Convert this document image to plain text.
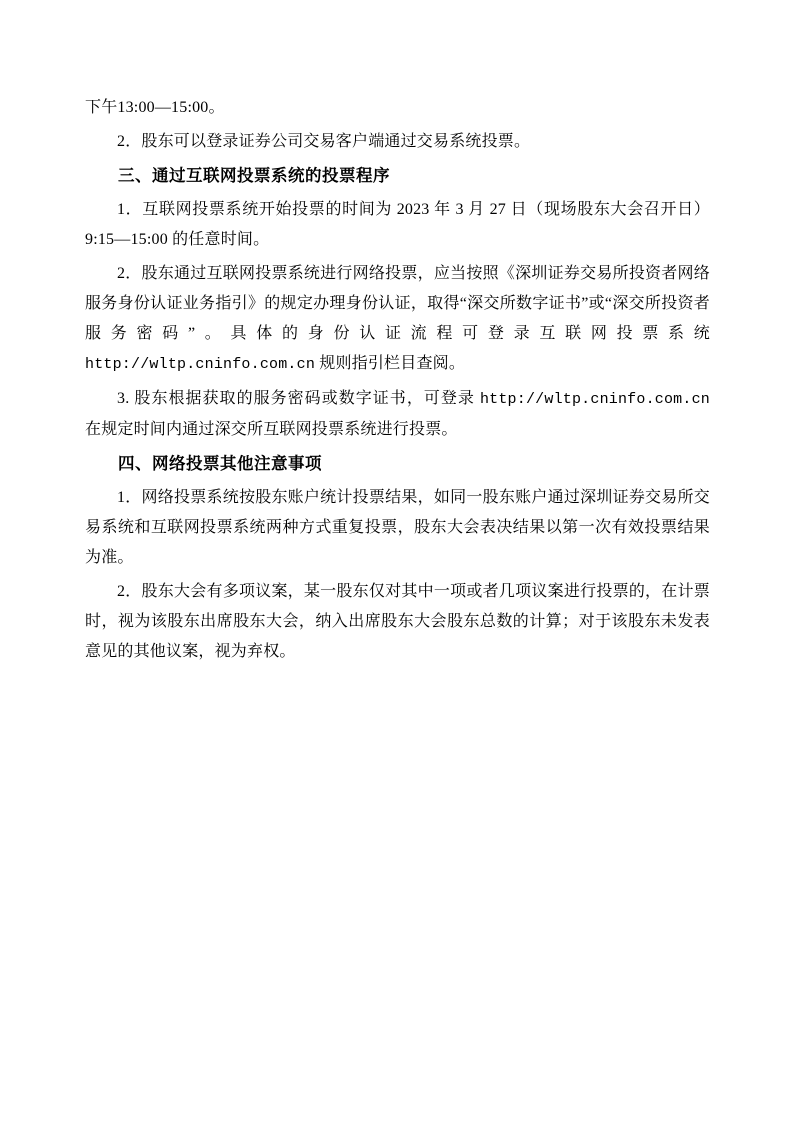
下午13:00—15:00。

2．股东可以登录证券公司交易客户端通过交易系统投票。

三、通过互联网投票系统的投票程序

1．互联网投票系统开始投票的时间为 2023 年 3 月 27 日（现场股东大会召开日）9:15—15:00 的任意时间。

2．股东通过互联网投票系统进行网络投票，应当按照《深圳证券交易所投资者网络服务身份认证业务指引》的规定办理身份认证，取得“深交所数字证书”或“深交所投资者服务密码”。具体的身份认证流程可登录互联网投票系统 http://wltp.cninfo.com.cn 规则指引栏目查阅。

3. 股东根据获取的服务密码或数字证书，可登录 http://wltp.cninfo.com.cn 在规定时间内通过深交所互联网投票系统进行投票。

四、网络投票其他注意事项

1．网络投票系统按股东账户统计投票结果，如同一股东账户通过深圳证券交易所交易系统和互联网投票系统两种方式重复投票，股东大会表决结果以第一次有效投票结果为准。

2．股东大会有多项议案，某一股东仅对其中一项或者几项议案进行投票的，在计票时，视为该股东出席股东大会，纳入出席股东大会股东总数的计算；对于该股东未发表意见的其他议案，视为弃权。
